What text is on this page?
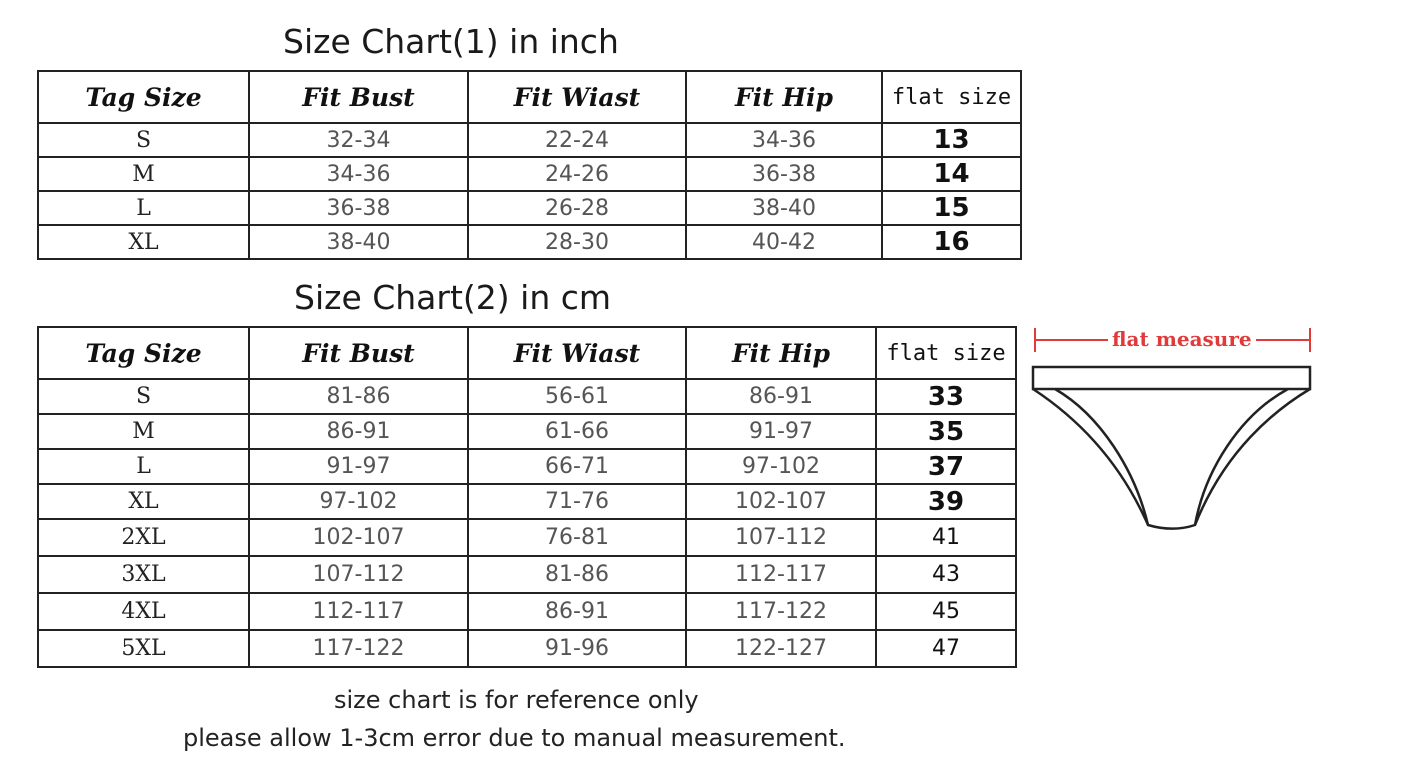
Size Chart(1) in inch
Tag Size	Fit Bust	Fit Wiast	Fit Hip	flat size
S	32-34	22-24	34-36	13
M	34-36	24-26	36-38	14
L	36-38	26-28	38-40	15
XL	38-40	28-30	40-42	16
Size Chart(2) in cm
Tag Size	Fit Bust	Fit Wiast	Fit Hip	flat size
S	81-86	56-61	86-91	33
M	86-91	61-66	91-97	35
L	91-97	66-71	97-102	37
XL	97-102	71-76	102-107	39
2XL	102-107	76-81	107-112	41
3XL	107-112	81-86	112-117	43
4XL	112-117	86-91	117-122	45
5XL	117-122	91-96	122-127	47
flat measure
size chart is for reference only
please allow 1-3cm error due to manual measurement.
